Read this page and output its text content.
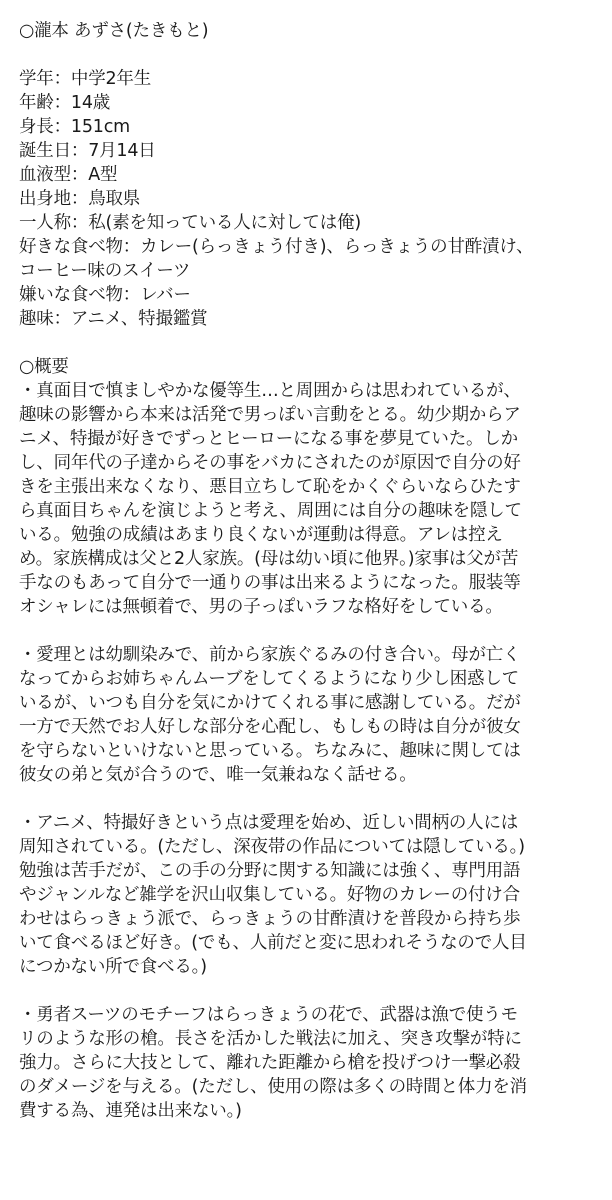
○瀧本 あずさ(たきもと)
学年：中学2年生
年齢：14歳
身長：151cm
誕生日：7月14日
血液型：A型
出身地：鳥取県
一人称：私(素を知っている人に対しては俺)
好きな食べ物：カレー(らっきょう付き)、らっきょうの甘酢漬け、
コーヒー味のスイーツ
嫌いな食べ物：レバー
趣味：アニメ、特撮鑑賞
○概要
・真面目で慎ましやかな優等生…と周囲からは思われているが、
趣味の影響から本来は活発で男っぽい言動をとる。幼少期からア
ニメ、特撮が好きでずっとヒーローになる事を夢見ていた。しか
し、同年代の子達からその事をバカにされたのが原因で自分の好
きを主張出来なくなり、悪目立ちして恥をかくぐらいならひたす
ら真面目ちゃんを演じようと考え、周囲には自分の趣味を隠して
いる。勉強の成績はあまり良くないが運動は得意。アレは控え
め。家族構成は父と2人家族。(母は幼い頃に他界。)家事は父が苦
手なのもあって自分で一通りの事は出来るようになった。服装等
オシャレには無頓着で、男の子っぽいラフな格好をしている。
・愛理とは幼馴染みで、前から家族ぐるみの付き合い。母が亡く
なってからお姉ちゃんムーブをしてくるようになり少し困惑して
いるが、いつも自分を気にかけてくれる事に感謝している。だが
一方で天然でお人好しな部分を心配し、もしもの時は自分が彼女
を守らないといけないと思っている。ちなみに、趣味に関しては
彼女の弟と気が合うので、唯一気兼ねなく話せる。
・アニメ、特撮好きという点は愛理を始め、近しい間柄の人には
周知されている。(ただし、深夜帯の作品については隠している。)
勉強は苦手だが、この手の分野に関する知識には強く、専門用語
やジャンルなど雑学を沢山収集している。好物のカレーの付け合
わせはらっきょう派で、らっきょうの甘酢漬けを普段から持ち歩
いて食べるほど好き。(でも、人前だと変に思われそうなので人目
につかない所で食べる。)
・勇者スーツのモチーフはらっきょうの花で、武器は漁で使うモ
リのような形の槍。長さを活かした戦法に加え、突き攻撃が特に
強力。さらに大技として、離れた距離から槍を投げつけ一撃必殺
のダメージを与える。(ただし、使用の際は多くの時間と体力を消
費する為、連発は出来ない。)
